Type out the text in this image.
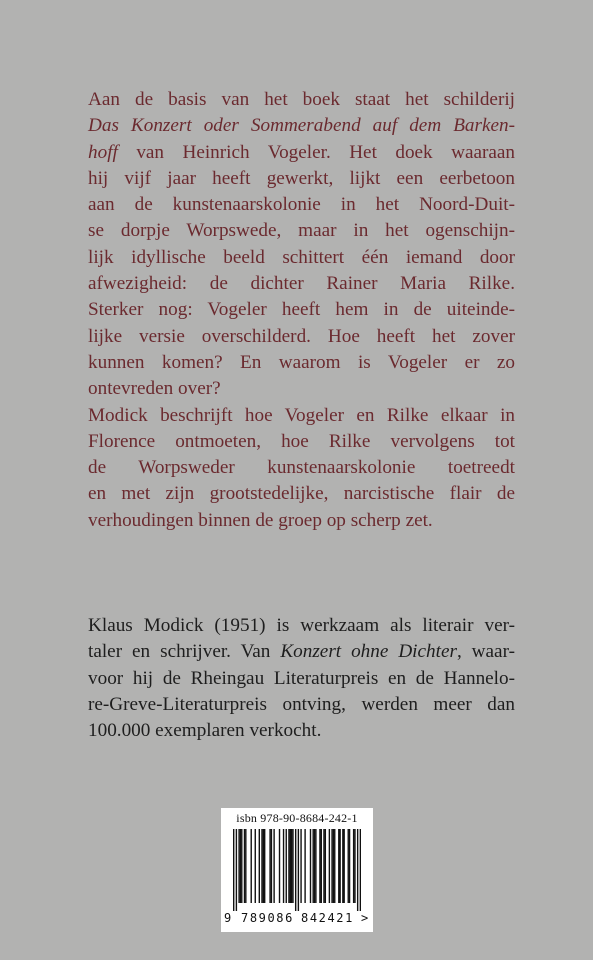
Aan de basis van het boek staat het schilderij
Das Konzert oder Sommerabend auf dem Barken-
hoff van Heinrich Vogeler. Het doek waaraan
hij vijf jaar heeft gewerkt, lijkt een eerbetoon
aan de kunstenaarskolonie in het Noord-Duit-
se dorpje Worpswede, maar in het ogenschijn-
lijk idyllische beeld schittert één iemand door
afwezigheid: de dichter Rainer Maria Rilke.
Sterker nog: Vogeler heeft hem in de uiteinde-
lijke versie overschilderd. Hoe heeft het zover
kunnen komen? En waarom is Vogeler er zo
ontevreden over?
Modick beschrijft hoe Vogeler en Rilke elkaar in
Florence ontmoeten, hoe Rilke vervolgens tot
de Worpsweder kunstenaarskolonie toetreedt
en met zijn grootstedelijke, narcistische flair de
verhoudingen binnen de groep op scherp zet.
Klaus Modick (1951) is werkzaam als literair ver-
taler en schrijver. Van Konzert ohne Dichter, waar-
voor hij de Rheingau Literaturpreis en de Hannelo-
re-Greve-Literaturpreis ontving, werden meer dan
100.000 exemplaren verkocht.
isbn 978-90-8684-242-1
9 789086 842421 >
